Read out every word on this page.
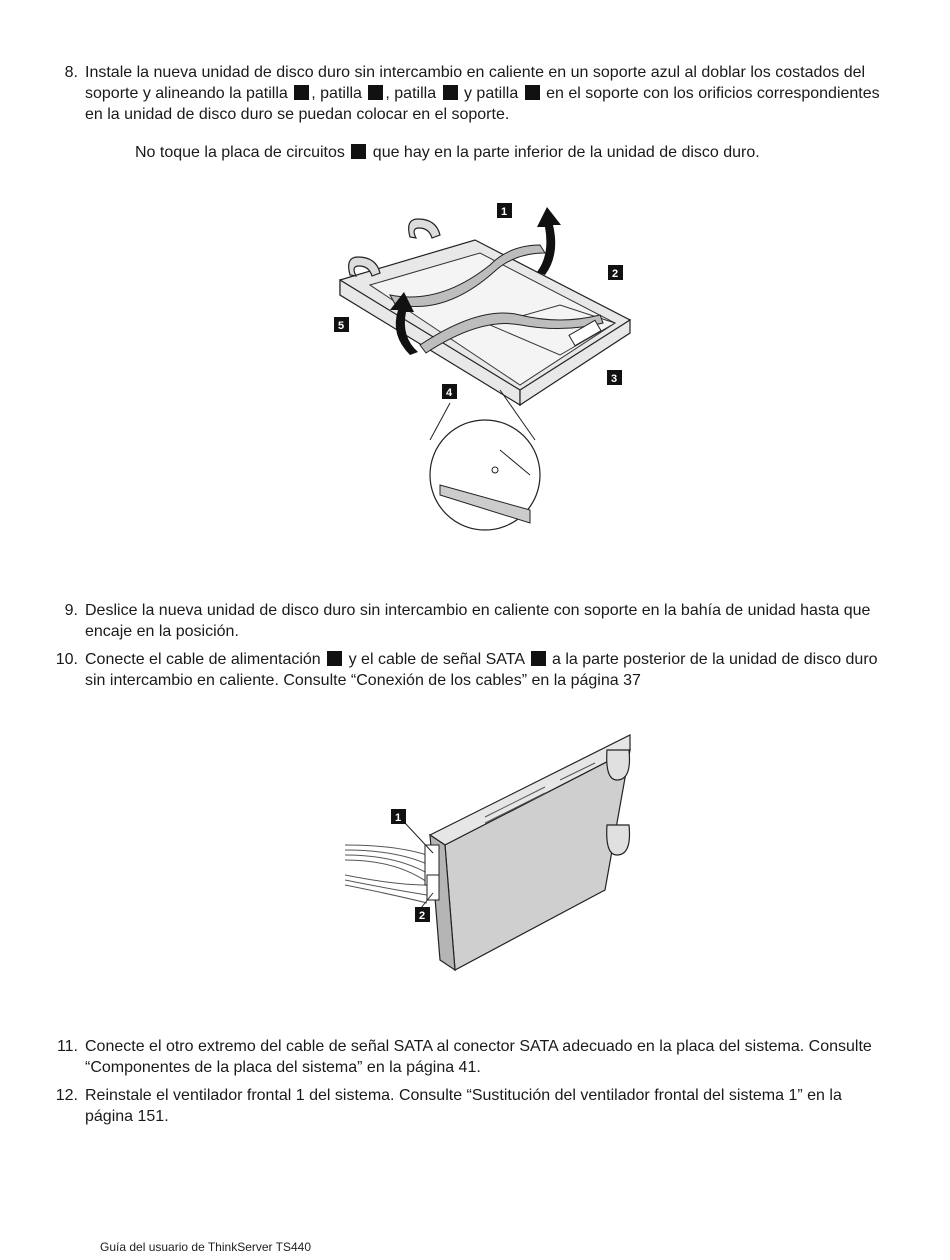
8. Instale la nueva unidad de disco duro sin intercambio en caliente en un soporte azul al doblar los costados del soporte y alineando la patilla , patilla , patilla  y patilla  en el soporte con los orificios correspondientes en la unidad de disco duro se puedan colocar en el soporte.
No toque la placa de circuitos  que hay en la parte inferior de la unidad de disco duro.
1
2
3
4
5
9. Deslice la nueva unidad de disco duro sin intercambio en caliente con soporte en la bahía de unidad hasta que encaje en la posición.
10. Conecte el cable de alimentación  y el cable de señal SATA  a la parte posterior de la unidad de disco duro sin intercambio en caliente. Consulte “Conexión de los cables” en la página 37
1
2
11. Conecte el otro extremo del cable de señal SATA al conector SATA adecuado en la placa del sistema. Consulte “Componentes de la placa del sistema” en la página 41.
12. Reinstale el ventilador frontal 1 del sistema. Consulte “Sustitución del ventilador frontal del sistema 1” en la página 151.
Guía del usuario de ThinkServer TS440
